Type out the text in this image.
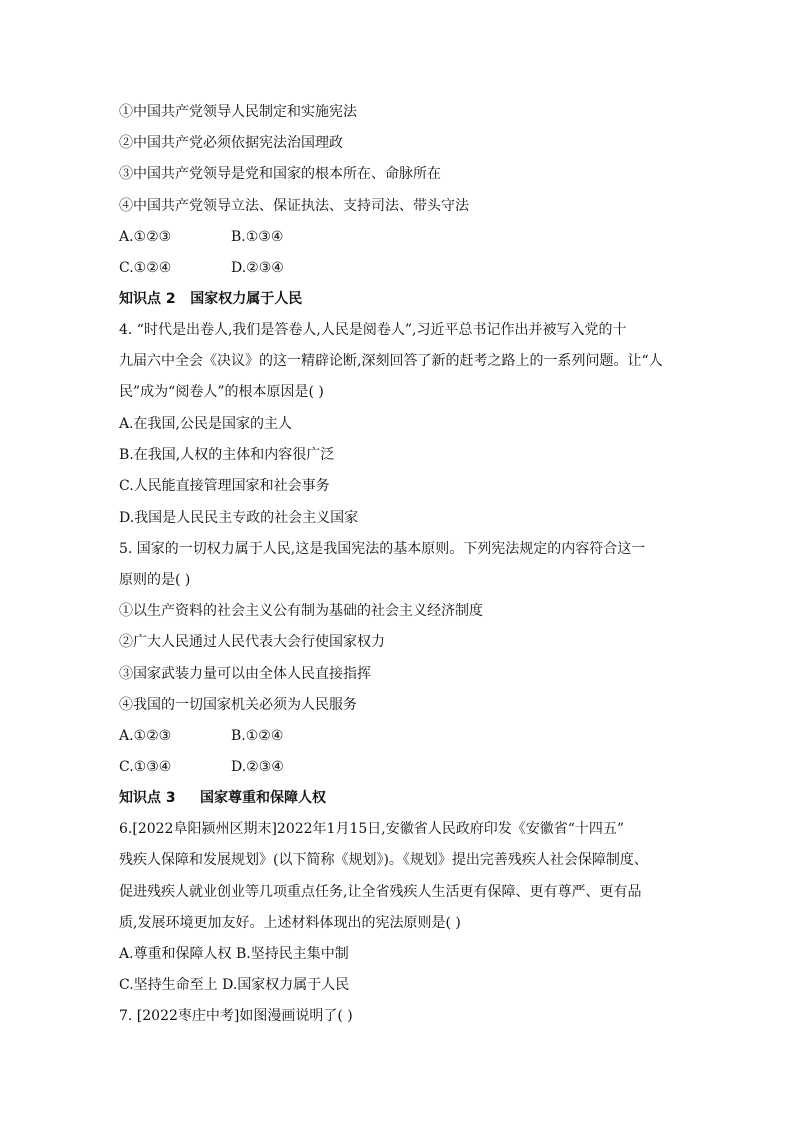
①中国共产党领导人民制定和实施宪法
②中国共产党必须依据宪法治国理政
③中国共产党领导是党和国家的根本所在、命脉所在
④中国共产党领导立法、保证执法、支持司法、带头守法
A.①②③	B.①③④
C.①②④	D.②③④
知识点 2 国家权力属于人民
4. “时代是出卷人,我们是答卷人,人民是阅卷人”,习近平总书记作出并被写入党的十
九届六中全会《决议》的这一精辟论断,深刻回答了新的赶考之路上的一系列问题。让“人
民”成为“阅卷人”的根本原因是( )
A.在我国,公民是国家的主人
B.在我国,人权的主体和内容很广泛
C.人民能直接管理国家和社会事务
D.我国是人民民主专政的社会主义国家
5. 国家的一切权力属于人民,这是我国宪法的基本原则。下列宪法规定的内容符合这一
原则的是( )
①以生产资料的社会主义公有制为基础的社会主义经济制度
②广大人民通过人民代表大会行使国家权力
③国家武装力量可以由全体人民直接指挥
④我国的一切国家机关必须为人民服务
A.①②③	B.①②④
C.①③④	D.②③④
知识点 3 国家尊重和保障人权
6.[2022阜阳颍州区期末]2022年1月15日,安徽省人民政府印发《安徽省“十四五”
残疾人保障和发展规划》(以下简称《规划》)。《规划》提出完善残疾人社会保障制度、
促进残疾人就业创业等几项重点任务,让全省残疾人生活更有保障、更有尊严、更有品
质,发展环境更加友好。上述材料体现出的宪法原则是( )
A.尊重和保障人权 B.坚持民主集中制
C.坚持生命至上 D.国家权力属于人民
7. [2022枣庄中考]如图漫画说明了( )
